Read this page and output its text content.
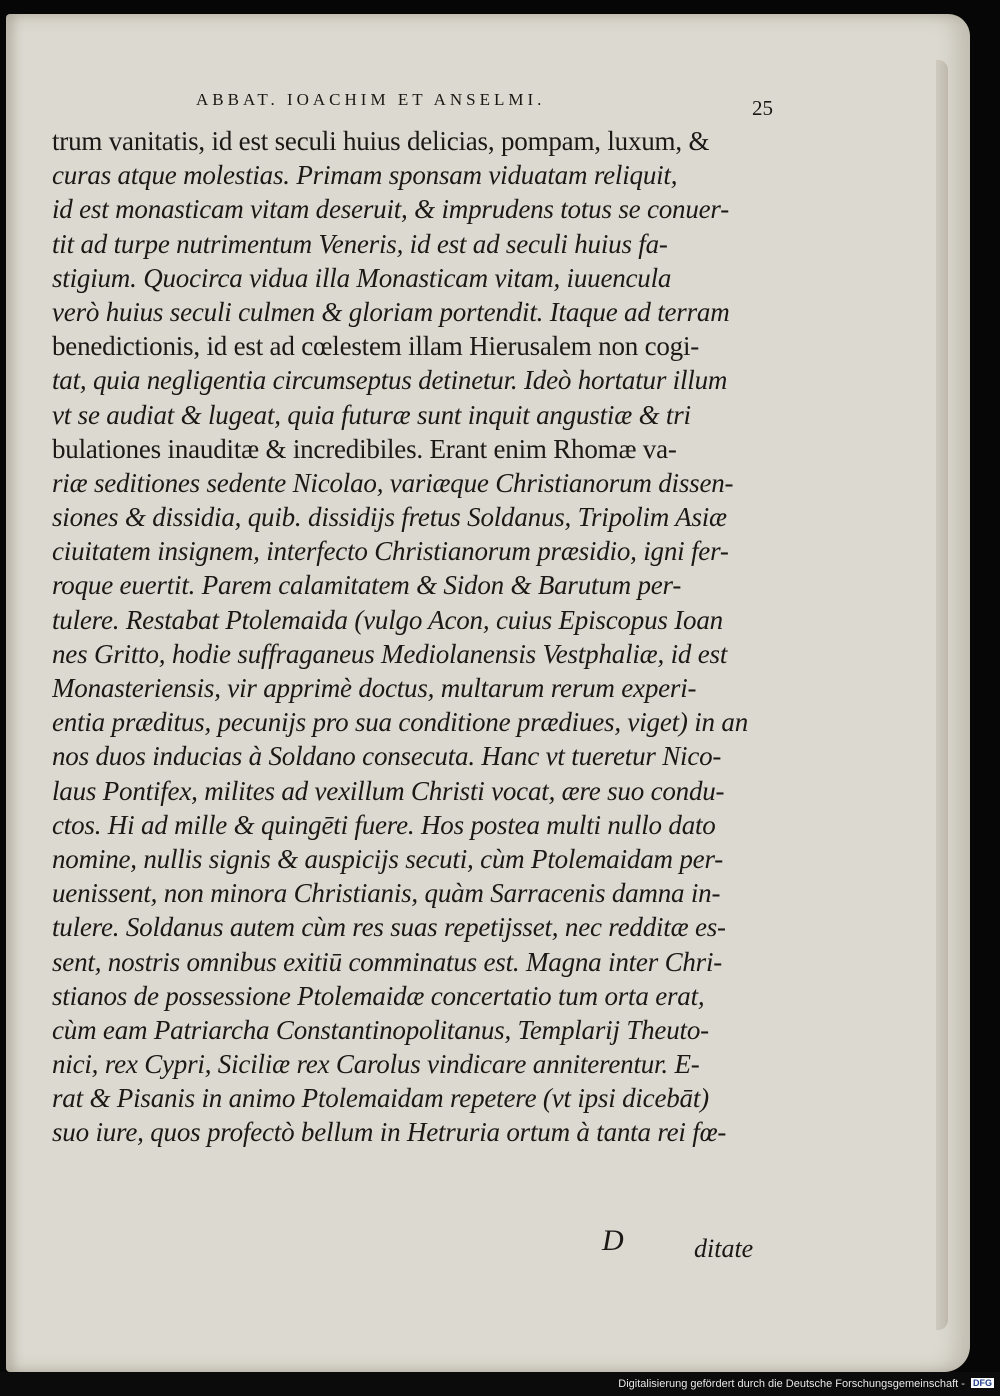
ABBAT. IOACHIM ET ANSELMI.	25
trum vanitatis, id est seculi huius delicias, pompam, luxum, &
curas atque molestias. Primam sponsam viduatam reliquit,
id est monasticam vitam deseruit, & imprudens totus se conuer-
tit ad turpe nutrimentum Veneris, id est ad seculi huius fa-
stigium. Quocirca vidua illa Monasticam vitam, iuuencula
verò huius seculi culmen & gloriam portendit. Itaque ad terram
benedictionis, id est ad cœlestem illam Hierusalem non cogi-
tat, quia negligentia circumseptus detinetur. Ideò hortatur illum
vt se audiat & lugeat, quia futuræ sunt inquit angustiæ & tri
bulationes inauditæ & incredibiles. Erant enim Rhomæ va-
riæ seditiones sedente Nicolao, variæque Christianorum dissen-
siones & dissidia, quib. dissidijs fretus Soldanus, Tripolim Asiæ
ciuitatem insignem, interfecto Christianorum præsidio, igni fer-
roque euertit. Parem calamitatem & Sidon & Barutum per-
tulere. Restabat Ptolemaida (vulgo Acon, cuius Episcopus Ioan
nes Gritto, hodie suffraganeus Mediolanensis Vestphaliæ, id est
Monasteriensis, vir apprimè doctus, multarum rerum experi-
entia præditus, pecunijs pro sua conditione prædiues, viget) in an
nos duos inducias à Soldano consecuta. Hanc vt tueretur Nico-
laus Pontifex, milites ad vexillum Christi vocat, ære suo condu-
ctos. Hi ad mille & quingēti fuere. Hos postea multi nullo dato
nomine, nullis signis & auspicijs secuti, cùm Ptolemaidam per-
uenissent, non minora Christianis, quàm Sarracenis damna in-
tulere. Soldanus autem cùm res suas repetijsset, nec redditæ es-
sent, nostris omnibus exitiū comminatus est. Magna inter Chri-
stianos de possessione Ptolemaidæ concertatio tum orta erat,
cùm eam Patriarcha Constantinopolitanus, Templarij Theuto-
nici, rex Cypri, Siciliæ rex Carolus vindicare anniterentur. E-
rat & Pisanis in animo Ptolemaidam repetere (vt ipsi dicebāt)
suo iure, quos profectò bellum in Hetruria ortum à tanta rei fœ-
D	ditate
Digitalisierung gefördert durch die Deutsche Forschungsgemeinschaft - DFG
